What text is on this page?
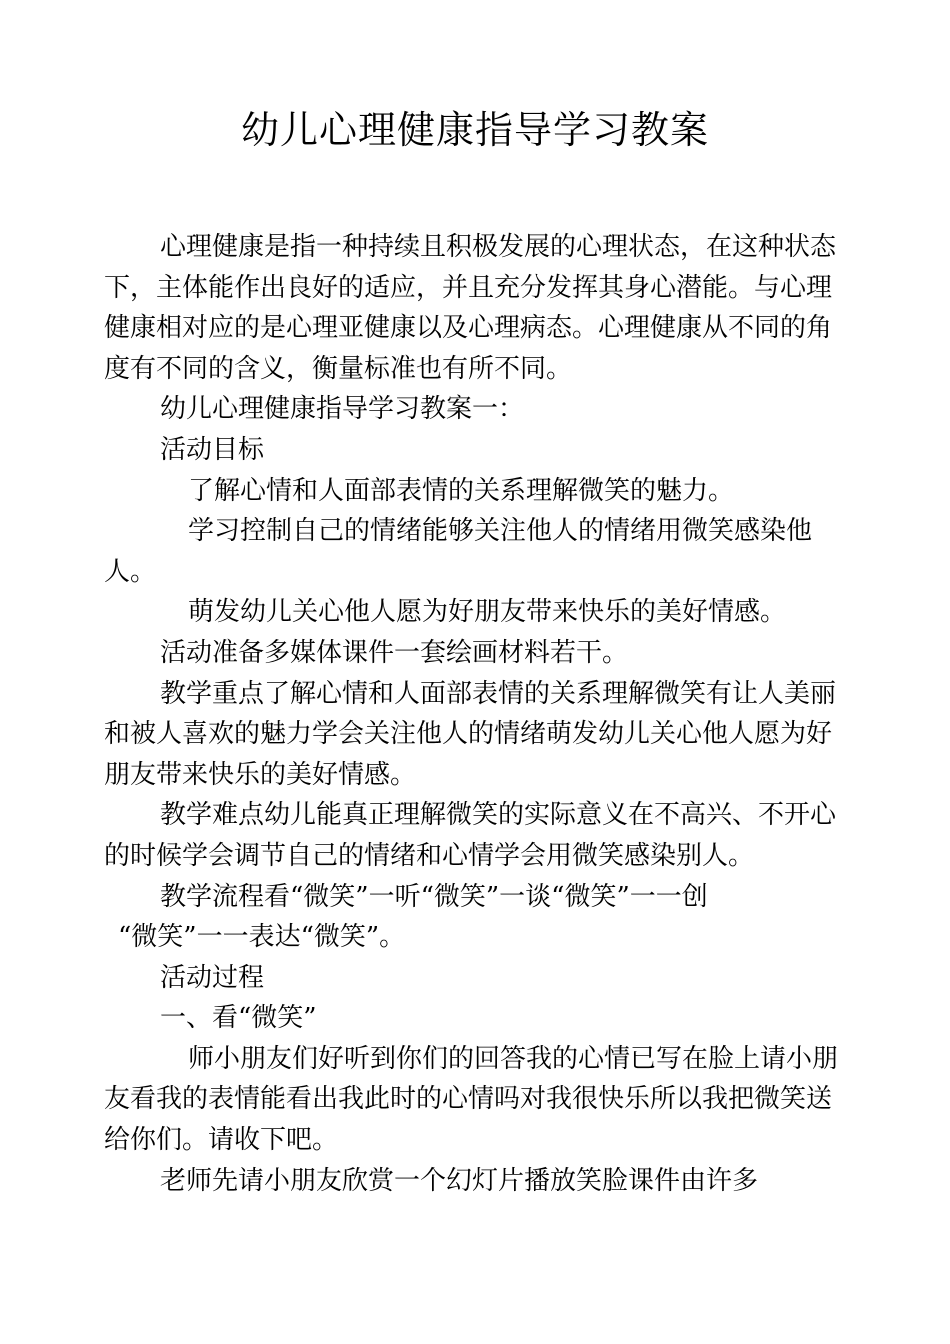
幼儿心理健康指导学习教案

心理健康是指一种持续且积极发展的心理状态，在这种状态下，主体能作出良好的适应，并且充分发挥其身心潜能。与心理健康相对应的是心理亚健康以及心理病态。心理健康从不同的角度有不同的含义，衡量标准也有所不同。

幼儿心理健康指导学习教案一：

活动目标

了解心情和人面部表情的关系理解微笑的魅力。

学习控制自己的情绪能够关注他人的情绪用微笑感染他人。

萌发幼儿关心他人愿为好朋友带来快乐的美好情感。

活动准备多媒体课件一套绘画材料若干。

教学重点了解心情和人面部表情的关系理解微笑有让人美丽和被人喜欢的魅力学会关注他人的情绪萌发幼儿关心他人愿为好朋友带来快乐的美好情感。

教学难点幼儿能真正理解微笑的实际意义在不高兴、不开心的时候学会调节自己的情绪和心情学会用微笑感染别人。

教学流程看“微笑”一听“微笑”一谈“微笑”一一创

“微笑”一一表达“微笑”。

活动过程

一、看“微笑”

师小朋友们好听到你们的回答我的心情已写在脸上请小朋友看我的表情能看出我此时的心情吗对我很快乐所以我把微笑送给你们。请收下吧。

老师先请小朋友欣赏一个幻灯片播放笑脸课件由许多
